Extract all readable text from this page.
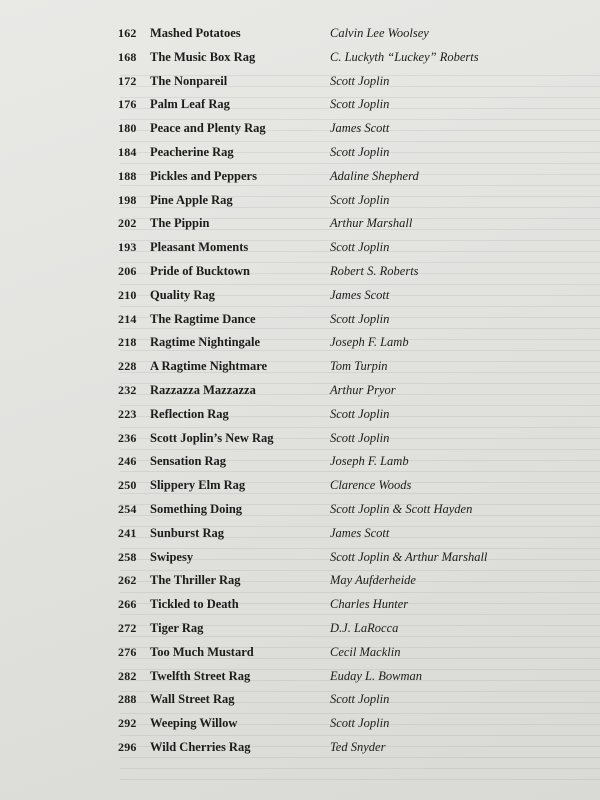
162	Mashed Potatoes	Calvin Lee Woolsey
168	The Music Box Rag	C. Luckyth “Luckey” Roberts
172	The Nonpareil	Scott Joplin
176	Palm Leaf Rag	Scott Joplin
180	Peace and Plenty Rag	James Scott
184	Peacherine Rag	Scott Joplin
188	Pickles and Peppers	Adaline Shepherd
198	Pine Apple Rag	Scott Joplin
202	The Pippin	Arthur Marshall
193	Pleasant Moments	Scott Joplin
206	Pride of Bucktown	Robert S. Roberts
210	Quality Rag	James Scott
214	The Ragtime Dance	Scott Joplin
218	Ragtime Nightingale	Joseph F. Lamb
228	A Ragtime Nightmare	Tom Turpin
232	Razzazza Mazzazza	Arthur Pryor
223	Reflection Rag	Scott Joplin
236	Scott Joplin’s New Rag	Scott Joplin
246	Sensation Rag	Joseph F. Lamb
250	Slippery Elm Rag	Clarence Woods
254	Something Doing	Scott Joplin & Scott Hayden
241	Sunburst Rag	James Scott
258	Swipesy	Scott Joplin & Arthur Marshall
262	The Thriller Rag	May Aufderheide
266	Tickled to Death	Charles Hunter
272	Tiger Rag	D.J. LaRocca
276	Too Much Mustard	Cecil Macklin
282	Twelfth Street Rag	Euday L. Bowman
288	Wall Street Rag	Scott Joplin
292	Weeping Willow	Scott Joplin
296	Wild Cherries Rag	Ted Snyder
